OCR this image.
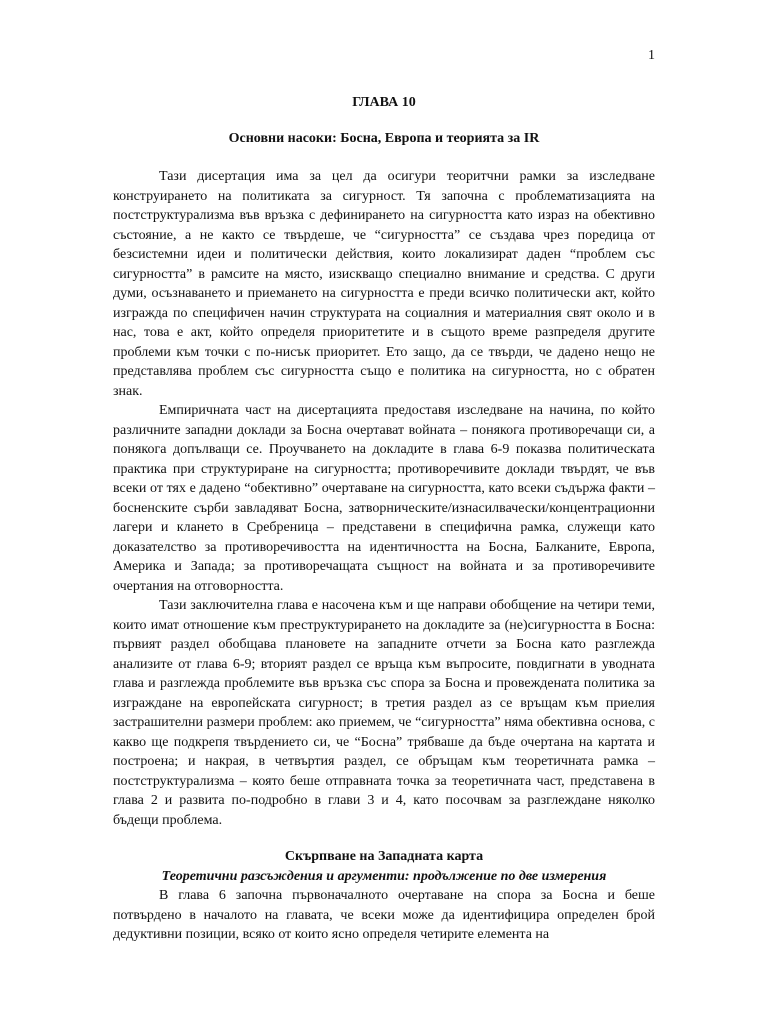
1

ГЛАВА 10

Основни насоки: Босна, Европа и теорията за IR

Тази дисертация има за цел да осигури теоритчни рамки за изследване конструирането на политиката за сигурност. Тя започна с проблематизацията на постструктурализма във връзка с дефинирането на сигурността като израз на обективно състояние, а не както се твърдеше, че “сигурността” се създава чрез поредица от безсистемни идеи и политически действия, които локализират даден “проблем със сигурността” в рамсите на място, изискващо специално внимание и средства. С други думи, осъзнаването и приемането на сигурността е преди всичко политически акт, който изгражда по специфичен начин структурата на социалния и материалния свят около и в нас, това е акт, който определя приоритетите и в същото време разпределя другите проблеми към точки с по-нисък приоритет. Ето защо, да се твърди, че дадено нещо не представлява проблем със сигурността също е политика на сигурността, но с обратен знак.

Емпиричната част на дисертацията предоставя изследване на начина, по който различните западни доклади за Босна очертават войната – понякога противоречащи си, а понякога допълващи се. Проучването на докладите в глава 6-9 показва политическата практика при структуриране на сигурността; противоречивите доклади твърдят, че във всеки от тях е дадено “обективно” очертаване на сигурността, като всеки съдържа факти – босненските сърби завладяват Босна, затворническите/изнасилвачески/концентрационни лагери и клането в Сребреница – представени в специфична рамка, служещи като доказателство за противоречивостта на идентичността на Босна, Балканите, Европа, Америка и Запада; за противоречащата същност на войната и за противоречивите очертания на отговорността.

Тази заключителна глава е насочена към и ще направи обобщение на четири теми, които имат отношение към преструктурирането на докладите за (не)сигурността в Босна: първият раздел обобщава плановете на западните отчети за Босна като разглежда анализите от глава 6-9; вторият раздел се връща към въпросите, повдигнати в уводната глава и разглежда проблемите във връзка със спора за Босна и провеждената политика за изграждане на европейската сигурност; в третия раздел аз се връщам към приелия застрашителни размери проблем: ако приемем, че “сигурността” няма обективна основа, с какво ще подкрепя твърдението си, че “Босна” трябваше да бъде очертана на картата и построена; и накрая, в четвъртия раздел, се обръщам към теоретичната рамка – постструктурализма – която беше отправната точка за теоретичната част, представена в глава 2 и развита по-подробно в глави 3 и 4, като посочвам за разглеждане няколко бъдещи проблема.

Скърпване на Западната карта

Теоретични разсъждения и аргументи: продължение по две измерения

В глава 6 започна първоначалното очертаване на спора за Босна и беше потвърдено в началото на главата, че всеки може да идентифицира определен брой дедуктивни позиции, всяко от които ясно определя четирите елемента на
